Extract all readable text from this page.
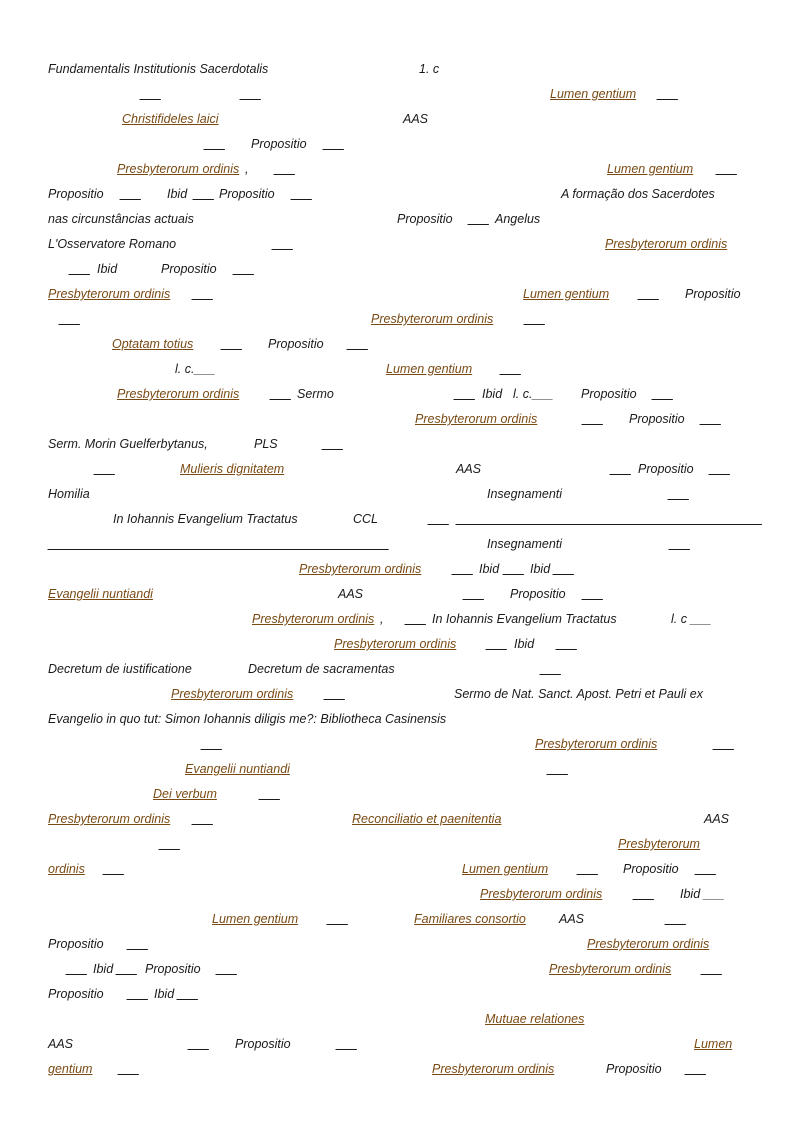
Fundamentalis Institutionis Sacerdotalis	1. c
___	___	Lumen gentium ___
Christifideles laici	AAS
___ Propositio ___
Presbyterorum ordinis , ___	Lumen gentium ___
Propositio ___ Ibid ___ Propositio ___	A formação dos Sacerdotes
nas circunstâncias actuais	Propositio ___ Angelus
L'Osservatore Romano	___	Presbyterorum ordinis
___ Ibid	Propositio ___
Presbyterorum ordinis ___	Lumen gentium ___ Propositio
___	Presbyterorum ordinis ___
Optatam totius ___ Propositio ___
l. c.___	Lumen gentium ___
Presbyterorum ordinis ___ Sermo	___ Ibid l. c.___ Propositio ___
Presbyterorum ordinis	___ Propositio ___
Serm. Morin Guelferbytanus,	PLS	___
___	Mulieris dignitatem	AAS	___ Propositio ___
Homilia	Insegnamenti	___
In Iohannis Evangelium Tractatus	CCL	___ ____________________________________________
_________________________________________________	Insegnamenti	___
Presbyterorum ordinis ___ Ibid ___ Ibid ___
Evangelii nuntiandi	AAS	___ Propositio ___
Presbyterorum ordinis , ___ In Iohannis Evangelium Tractatus	l. c ___
Presbyterorum ordinis ___ Ibid ___
Decretum de iustificatione	Decretum de sacramentas	___
Presbyterorum ordinis ___	Sermo de Nat. Sanct. Apost. Petri et Pauli ex
Evangelio in quo tut: Simon Iohannis diligis me?: Bibliotheca Casinensis
___	Presbyterorum ordinis	___
Evangelii nuntiandi	___
Dei verbum	___
Presbyterorum ordinis ___	Reconciliatio et paenitentia	AAS
___	Presbyterorum
ordinis ___	Lumen gentium ___ Propositio ___
Presbyterorum ordinis ___ Ibid ___
Lumen gentium ___	Familiares consortio	AAS	___
Propositio ___	Presbyterorum ordinis
___ Ibid ___ Propositio ___	Presbyterorum ordinis ___
Propositio ___ Ibid ___
Mutuae relationes
AAS	___ Propositio	___	Lumen
gentium ___	Presbyterorum ordinis	Propositio ___
